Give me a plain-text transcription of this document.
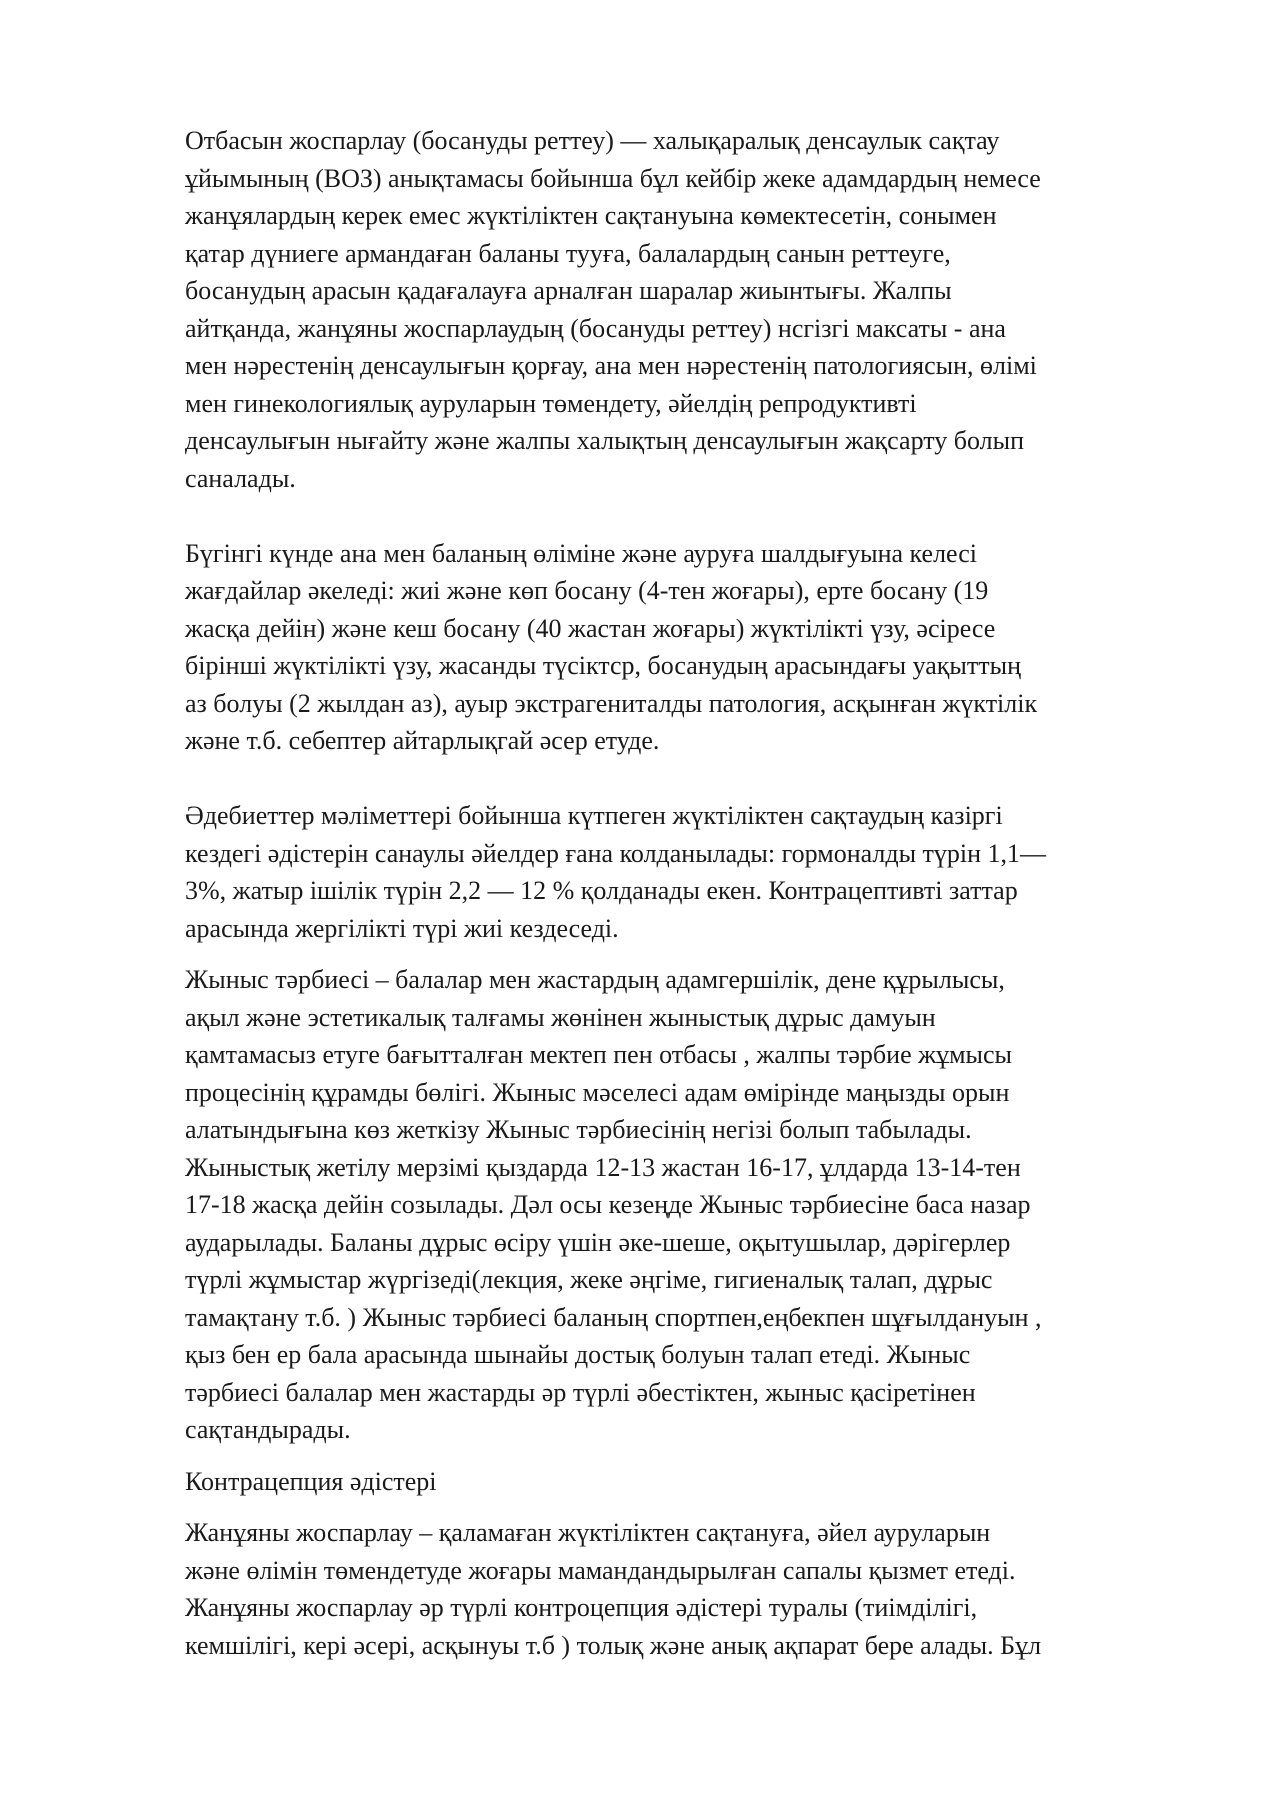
Отбасын жоспарлау (босануды реттеу) — халықаралық денсаулык сақтау
ұйымының (ВОЗ) анықтамасы бойынша бұл кейбір жеке адамдардың немесе
жанұялардың керек емес жүктіліктен сақтануына көмектесетін, сонымен
қатар дүниеге армандаған баланы тууға, балалардың санын реттеуге,
босанудың арасын қадағалауға арналған шаралар жиынтығы. Жалпы
айтқанда, жанұяны жоспарлаудың (босануды реттеу) нсгізгі максаты - ана
мен нәрестенің денсаулығын қорғау, ана мен нәрестенің патологиясын, өлімі
мен гинекологиялық ауруларын төмендету, әйелдің репродуктивті
денсаулығын нығайту және жалпы халықтың денсаулығын жақсарту болып
саналады.
Бүгінгі күнде ана мен баланың өліміне және ауруға шалдығуына келесі
жағдайлар әкеледі: жиі және көп босану (4-тен жоғары), ерте босану (19
жасқа дейін) және кеш босану (40 жастан жоғары) жүктілікті үзу, әсіресе
бірінші жүктілікті үзу, жасанды түсіктср, босанудың арасындағы уақыттың
аз болуы (2 жылдан аз), ауыр экстрагениталды патология, асқынған жүктілік
және т.б. себептер айтарлықгай әсер етуде.
Әдебиеттер мәліметтері бойынша күтпеген жүктіліктен сақтаудың казіргі
кездегі әдістерін санаулы әйелдер ғана колданылады: гормоналды түрін 1,1—
3%, жатыр ішілік түрін 2,2 — 12 % қолданады екен. Контрацептивті заттар
арасында жергілікті түрі жиі кездеседі.
Жыныс тәрбиесі – балалар мен жастардың адамгершілік, дене құрылысы,
ақыл және эстетикалық талғамы жөнінен жыныстық дұрыс дамуын
қамтамасыз етуге бағытталған мектеп пен отбасы , жалпы тәрбие жұмысы
процесінің құрамды бөлігі. Жыныс мәселесі адам өмірінде маңызды орын
алатындығына көз жеткізу Жыныс тәрбиесінің негізі болып табылады.
Жыныстық жетілу мерзімі қыздарда 12-13 жастан 16-17, ұлдарда 13-14-тен
17-18 жасқа дейін созылады. Дәл осы кезеңде Жыныс тәрбиесіне баса назар
аударылады. Баланы дұрыс өсіру үшін әке-шеше, оқытушылар, дәрігерлер
түрлі жұмыстар жүргізеді(лекция, жеке әңгіме, гигиеналық талап, дұрыс
тамақтану т.б. ) Жыныс тәрбиесі баланың спортпен,еңбекпен шұғылдануын ,
қыз бен ер бала арасында шынайы достық болуын талап етеді. Жыныс
тәрбиесі балалар мен жастарды әр түрлі әбестіктен, жыныс қасіретінен
сақтандырады.
Контрацепция әдістері
Жанұяны жоспарлау – қаламаған жүктіліктен сақтануға, әйел ауруларын
және өлімін төмендетуде жоғары мамандандырылған сапалы қызмет етеді.
Жанұяны жоспарлау әр түрлі контроцепция әдістері туралы (тиімділігі,
кемшілігі, кері әсері, асқынуы т.б ) толық және анық ақпарат бере алады. Бұл
